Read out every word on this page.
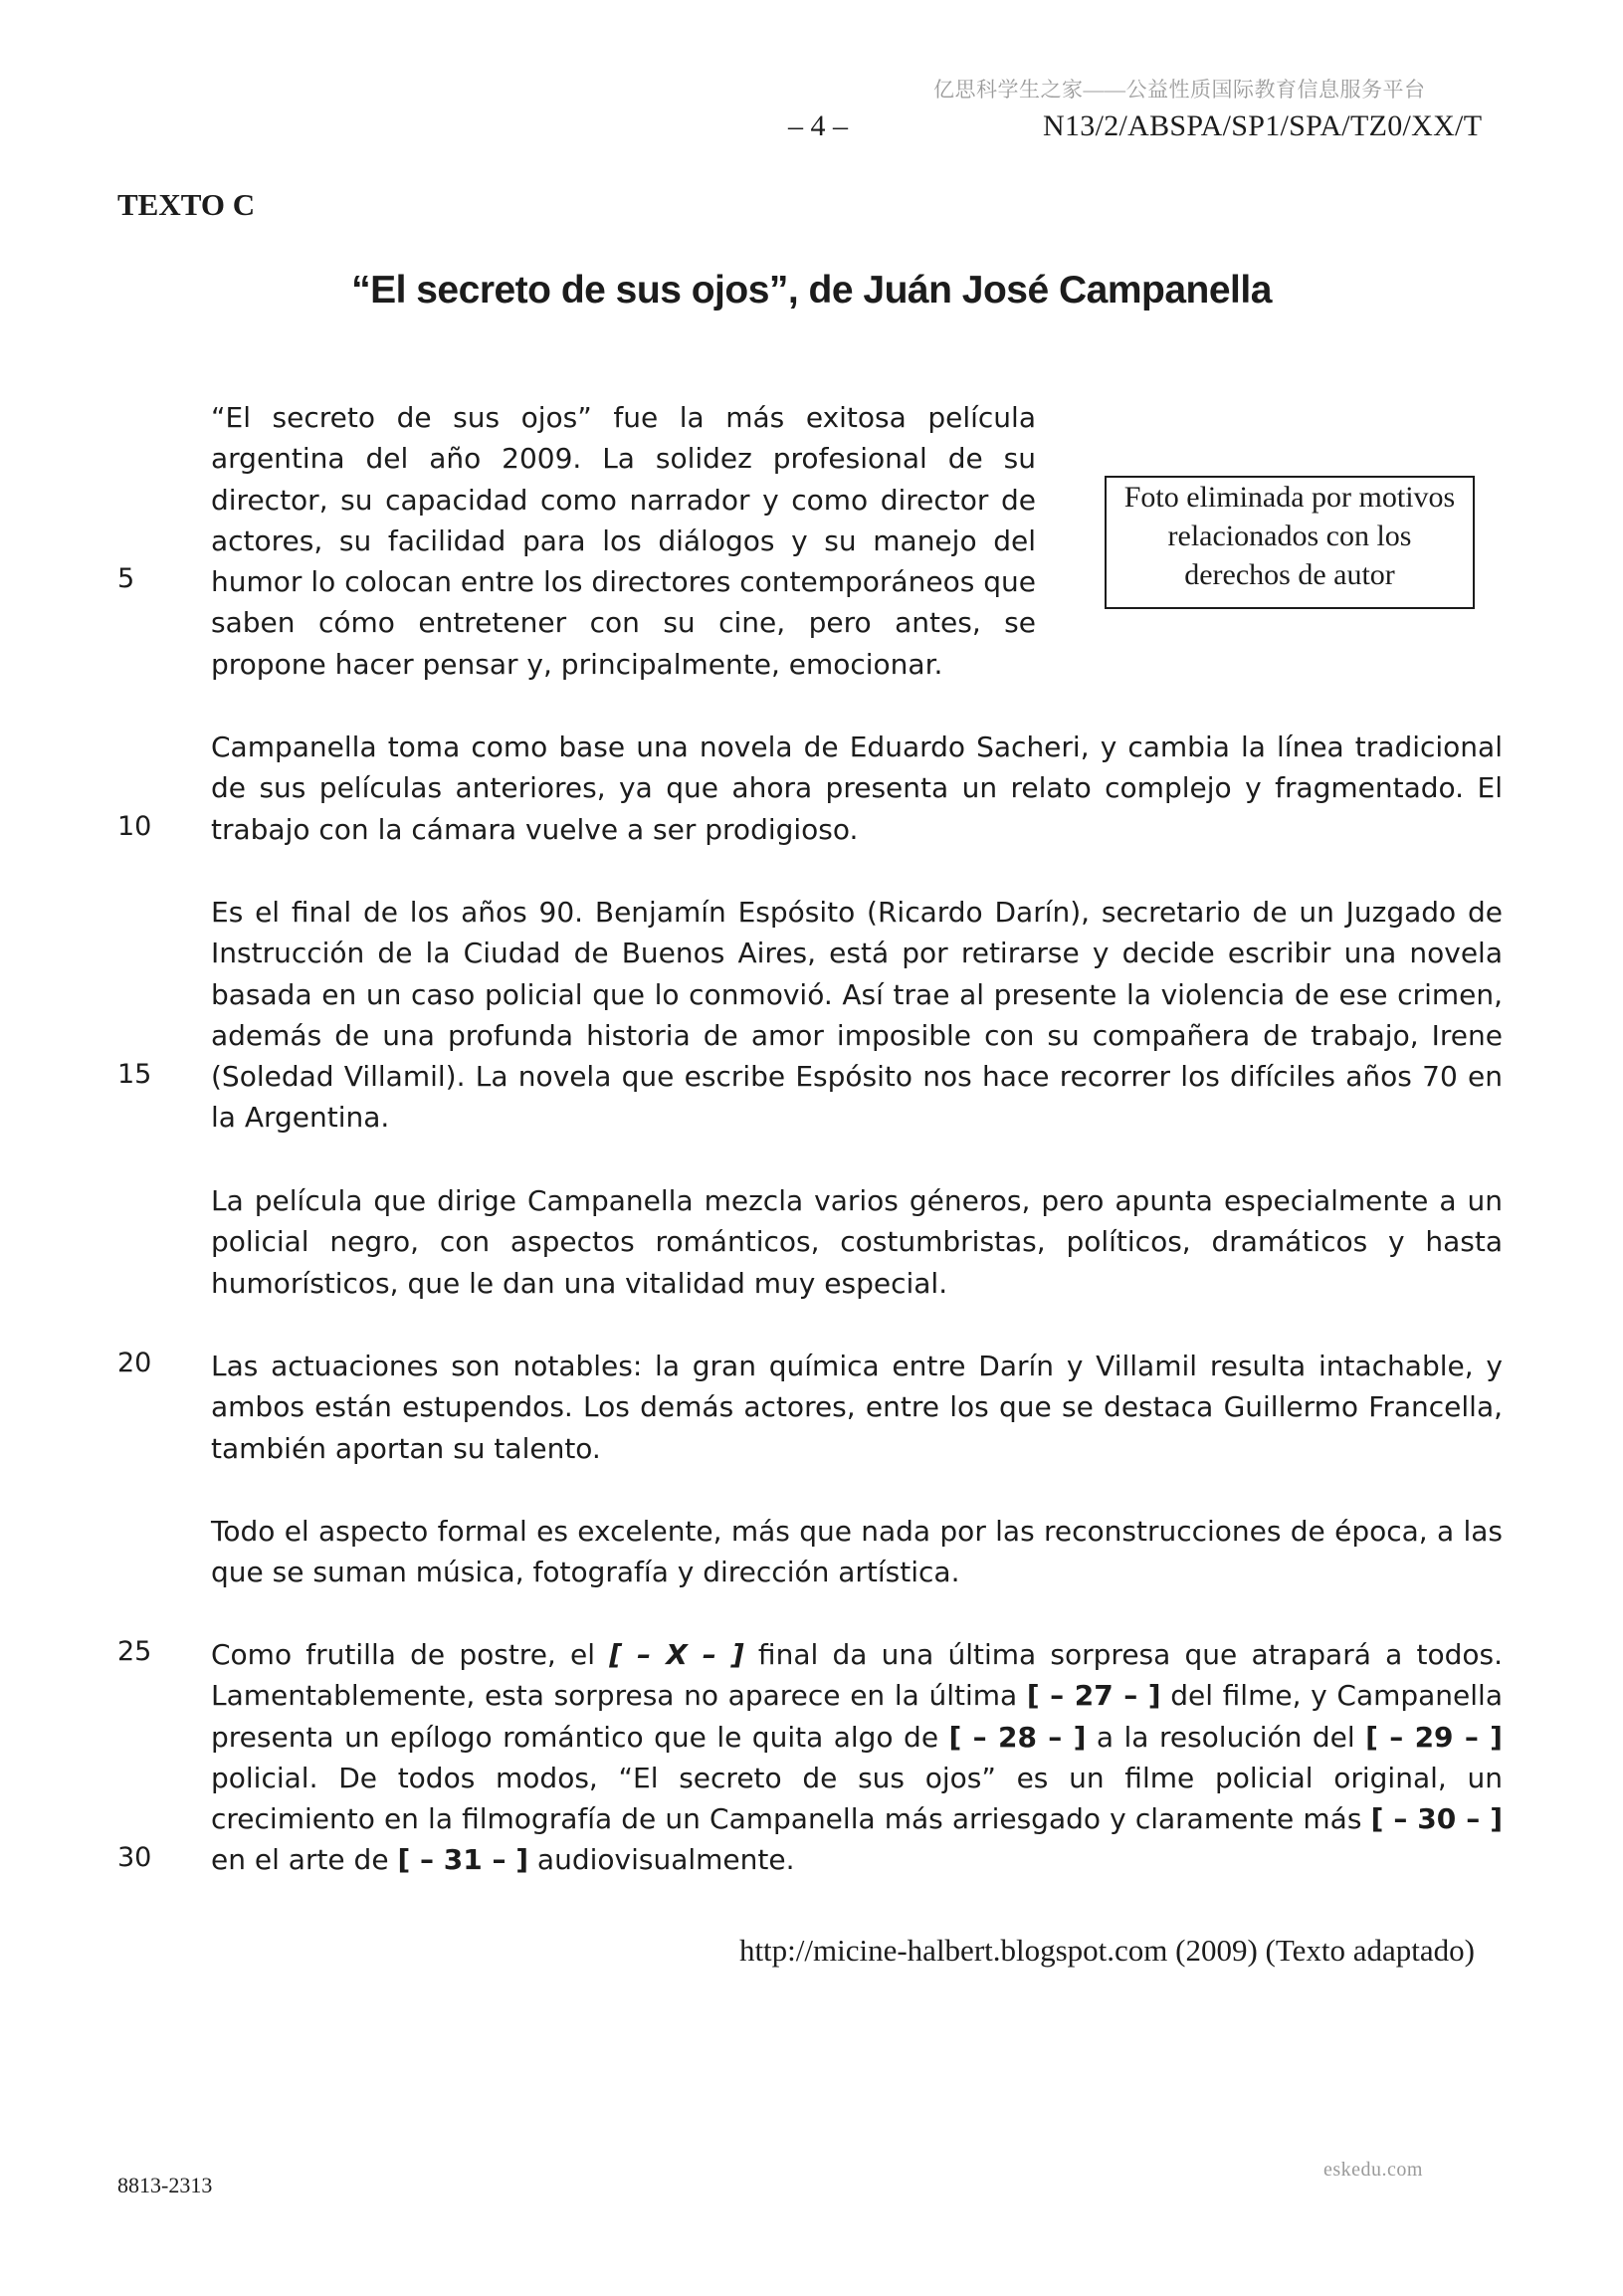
亿思科学生之家——公益性质国际教育信息服务平台
– 4 –	N13/2/ABSPA/SP1/SPA/TZ0/XX/T
TEXTO C
“El secreto de sus ojos”, de Juán José Campanella
5
10
15
20
25
30

“El secreto de sus ojos” fue la más exitosa película argentina del año 2009. La solidez profesional de su director, su capacidad como narrador y como director de actores, su facilidad para los diálogos y su manejo del humor lo colocan entre los directores contemporáneos que saben cómo entretener con su cine, pero antes, se propone hacer pensar y, principalmente, emocionar.

Foto eliminada por motivos
relacionados con los
derechos de autor

Campanella toma como base una novela de Eduardo Sacheri, y cambia la línea tradicional de sus películas anteriores, ya que ahora presenta un relato complejo y fragmentado. El trabajo con la cámara vuelve a ser prodigioso.

Es el final de los años 90. Benjamín Espósito (Ricardo Darín), secretario de un Juzgado de Instrucción de la Ciudad de Buenos Aires, está por retirarse y decide escribir una novela basada en un caso policial que lo conmovió. Así trae al presente la violencia de ese crimen, además de una profunda historia de amor imposible con su compañera de trabajo, Irene (Soledad Villamil). La novela que escribe Espósito nos hace recorrer los difíciles años 70 en la Argentina.

La película que dirige Campanella mezcla varios géneros, pero apunta especialmente a un policial negro, con aspectos románticos, costumbristas, políticos, dramáticos y hasta humorísticos, que le dan una vitalidad muy especial.

Las actuaciones son notables: la gran química entre Darín y Villamil resulta intachable, y ambos están estupendos. Los demás actores, entre los que se destaca Guillermo Francella, también aportan su talento.

Todo el aspecto formal es excelente, más que nada por las reconstrucciones de época, a las que se suman música, fotografía y dirección artística.

Como frutilla de postre, el [ – X – ] final da una última sorpresa que atrapará a todos. Lamentablemente, esta sorpresa no aparece en la última [ – 27 – ] del filme, y Campanella presenta un epílogo romántico que le quita algo de [ – 28 – ] a la resolución del [ – 29 – ] policial. De todos modos, “El secreto de sus ojos” es un filme policial original, un crecimiento en la filmografía de un Campanella más arriesgado y claramente más [ – 30 – ] en el arte de [ – 31 – ] audiovisualmente.

http://micine-halbert.blogspot.com (2009) (Texto adaptado)
8813-2313
eskedu.com
